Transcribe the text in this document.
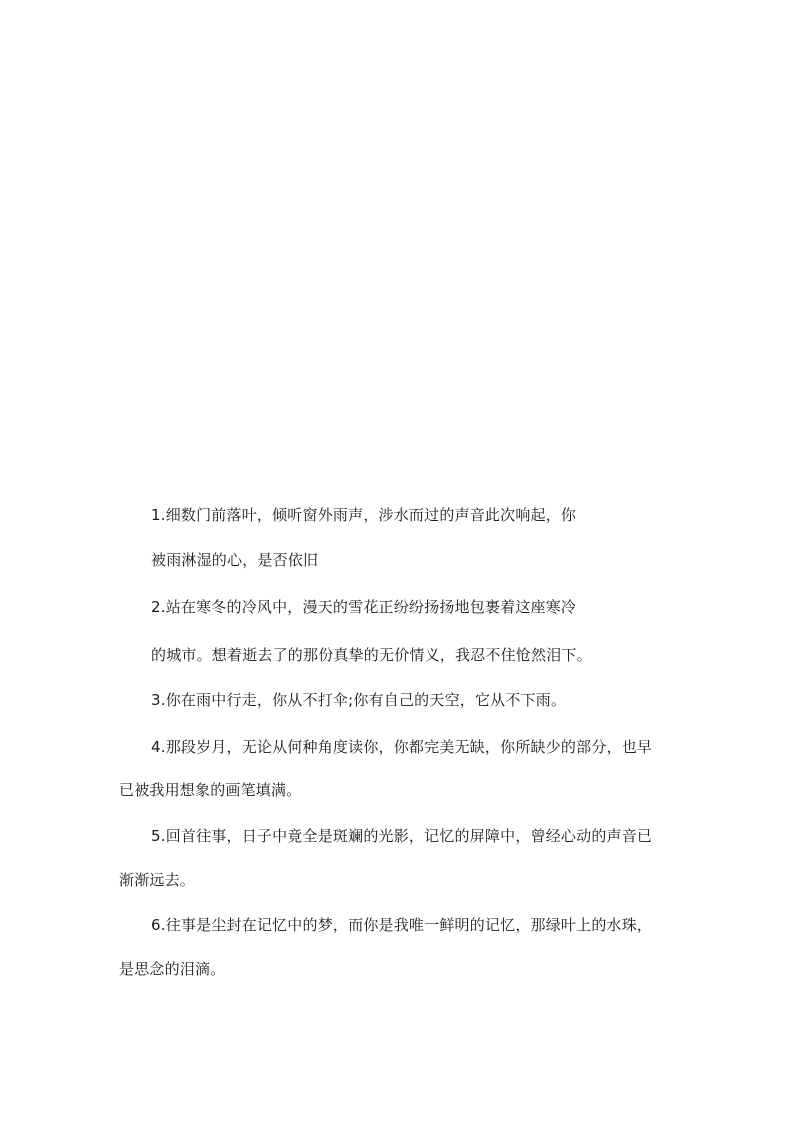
1.细数门前落叶，倾听窗外雨声，涉水而过的声音此次响起，你
被雨淋湿的心，是否依旧
2.站在寒冬的冷风中，漫天的雪花正纷纷扬扬地包裹着这座寒冷
的城市。想着逝去了的那份真挚的无价情义，我忍不住怆然泪下。
3.你在雨中行走，你从不打伞;你有自己的天空，它从不下雨。
4.那段岁月，无论从何种角度读你，你都完美无缺，你所缺少的部分，也早
已被我用想象的画笔填满。
5.回首往事，日子中竟全是斑斓的光影，记忆的屏障中，曾经心动的声音已
渐渐远去。
6.往事是尘封在记忆中的梦，而你是我唯一鲜明的记忆，那绿叶上的水珠，
是思念的泪滴。
